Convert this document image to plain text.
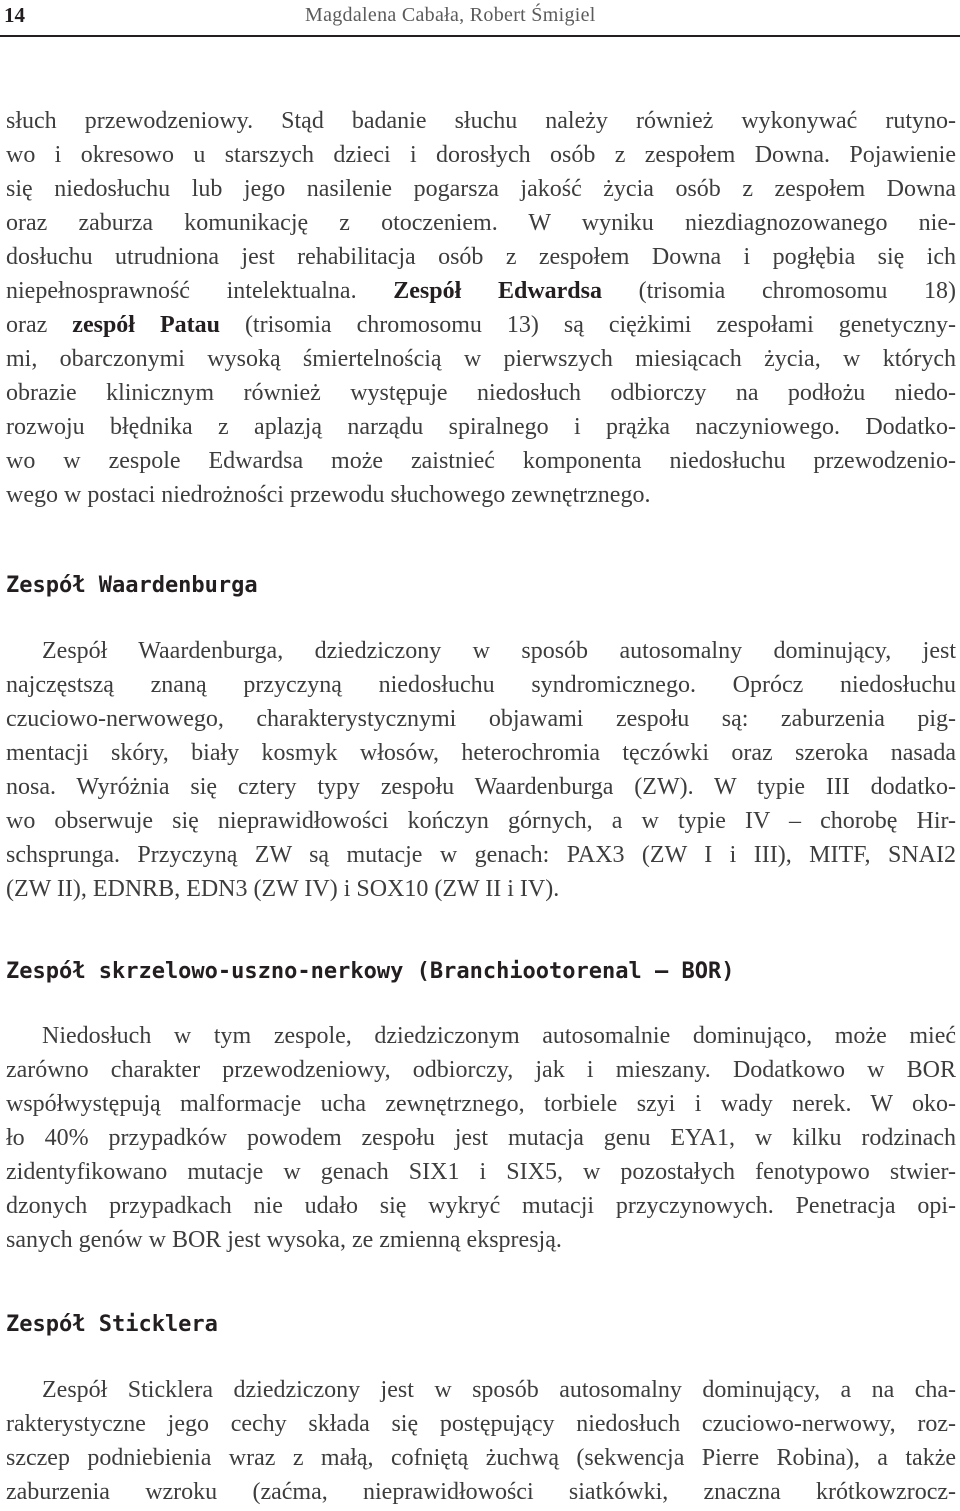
14	Magdalena Cabała, Robert Śmigiel
słuch przewodzeniowy. Stąd badanie słuchu należy również wykonywać rutyno-
wo i okresowo u starszych dzieci i dorosłych osób z zespołem Downa. Pojawienie
się niedosłuchu lub jego nasilenie pogarsza jakość życia osób z zespołem Downa
oraz zaburza komunikację z otoczeniem. W wyniku niezdiagnozowanego nie-
dosłuchu utrudniona jest rehabilitacja osób z zespołem Downa i pogłębia się ich
niepełnosprawność intelektualna. Zespół Edwardsa (trisomia chromosomu 18)
oraz zespół Patau (trisomia chromosomu 13) są ciężkimi zespołami genetyczny-
mi, obarczonymi wysoką śmiertelnością w pierwszych miesiącach życia, w których
obrazie klinicznym również występuje niedosłuch odbiorczy na podłożu niedo-
rozwoju błędnika z aplazją narządu spiralnego i prążka naczyniowego. Dodatko-
wo w zespole Edwardsa może zaistnieć komponenta niedosłuchu przewodzenio-
wego w postaci niedrożności przewodu słuchowego zewnętrznego.
Zespół Waardenburga
Zespół Waardenburga, dziedziczony w sposób autosomalny dominujący, jest
najczęstszą znaną przyczyną niedosłuchu syndromicznego. Oprócz niedosłuchu
czuciowo-nerwowego, charakterystycznymi objawami zespołu są: zaburzenia pig-
mentacji skóry, biały kosmyk włosów, heterochromia tęczówki oraz szeroka nasada
nosa. Wyróżnia się cztery typy zespołu Waardenburga (ZW). W typie III dodatko-
wo obserwuje się nieprawidłowości kończyn górnych, a w typie IV – chorobę Hir-
schsprunga. Przyczyną ZW są mutacje w genach: PAX3 (ZW I i III), MITF, SNAI2
(ZW II), EDNRB, EDN3 (ZW IV) i SOX10 (ZW II i IV).
Zespół skrzelowo-uszno-nerkowy (Branchiootorenal – BOR)
Niedosłuch w tym zespole, dziedziczonym autosomalnie dominująco, może mieć
zarówno charakter przewodzeniowy, odbiorczy, jak i mieszany. Dodatkowo w BOR
współwystępują malformacje ucha zewnętrznego, torbiele szyi i wady nerek. W oko-
ło 40% przypadków powodem zespołu jest mutacja genu EYA1, w kilku rodzinach
zidentyfikowano mutacje w genach SIX1 i SIX5, w pozostałych fenotypowo stwier-
dzonych przypadkach nie udało się wykryć mutacji przyczynowych. Penetracja opi-
sanych genów w BOR jest wysoka, ze zmienną ekspresją.
Zespół Sticklera
Zespół Sticklera dziedziczony jest w sposób autosomalny dominujący, a na cha-
rakterystyczne jego cechy składa się postępujący niedosłuch czuciowo-nerwowy, roz-
szczep podniebienia wraz z małą, cofniętą żuchwą (sekwencja Pierre Robina), a także
zaburzenia wzroku (zaćma, nieprawidłowości siatkówki, znaczna krótkowzrocz-
